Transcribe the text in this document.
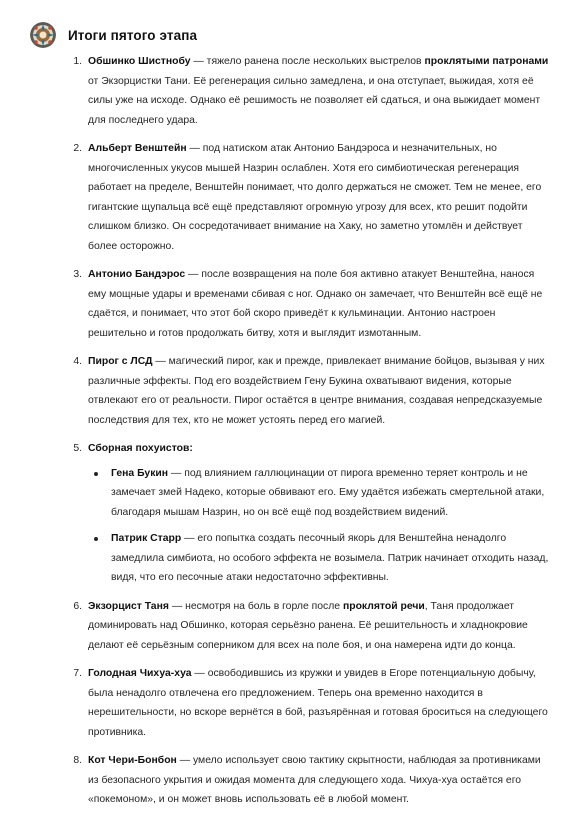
Итоги пятого этапа
1. Обшинко Шистнобу — тяжело ранена после нескольких выстрелов проклятыми патронами от Экзорцистки Тани. Её регенерация сильно замедлена, и она отступает, выжидая, хотя её силы уже на исходе. Однако её решимость не позволяет ей сдаться, и она выжидает момент для последнего удара.
2. Альберт Венштейн — под натиском атак Антонио Бандэроса и незначительных, но многочисленных укусов мышей Назрин ослаблен. Хотя его симбиотическая регенерация работает на пределе, Венштейн понимает, что долго держаться не сможет. Тем не менее, его гигантские щупальца всё ещё представляют огромную угрозу для всех, кто решит подойти слишком близко. Он сосредотачивает внимание на Хаку, но заметно утомлён и действует более осторожно.
3. Антонио Бандэрос — после возвращения на поле боя активно атакует Венштейна, нанося ему мощные удары и временами сбивая с ног. Однако он замечает, что Венштейн всё ещё не сдаётся, и понимает, что этот бой скоро приведёт к кульминации. Антонио настроен решительно и готов продолжать битву, хотя и выглядит измотанным.
4. Пирог с ЛСД — магический пирог, как и прежде, привлекает внимание бойцов, вызывая у них различные эффекты. Под его воздействием Гену Букина охватывают видения, которые отвлекают его от реальности. Пирог остаётся в центре внимания, создавая непредсказуемые последствия для тех, кто не может устоять перед его магией.
5. Сборная похуистов:
Гена Букин — под влиянием галлюцинации от пирога временно теряет контроль и не замечает змей Надеко, которые обвивают его. Ему удаётся избежать смертельной атаки, благодаря мышам Назрин, но он всё ещё под воздействием видений.
Патрик Старр — его попытка создать песочный якорь для Венштейна ненадолго замедлила симбиота, но особого эффекта не возымела. Патрик начинает отходить назад, видя, что его песочные атаки недостаточно эффективны.
6. Экзорцист Таня — несмотря на боль в горле после проклятой речи, Таня продолжает доминировать над Обшинко, которая серьёзно ранена. Её решительность и хладнокровие делают её серьёзным соперником для всех на поле боя, и она намерена идти до конца.
7. Голодная Чихуа-хуа — освободившись из кружки и увидев в Егоре потенциальную добычу, была ненадолго отвлечена его предложением. Теперь она временно находится в нерешительности, но вскоре вернётся в бой, разъярённая и готовая броситься на следующего противника.
8. Кот Чери-Бонбон — умело использует свою тактику скрытности, наблюдая за противниками из безопасного укрытия и ожидая момента для следующего хода. Чихуа-хуа остаётся его «покемоном», и он может вновь использовать её в любой момент.
